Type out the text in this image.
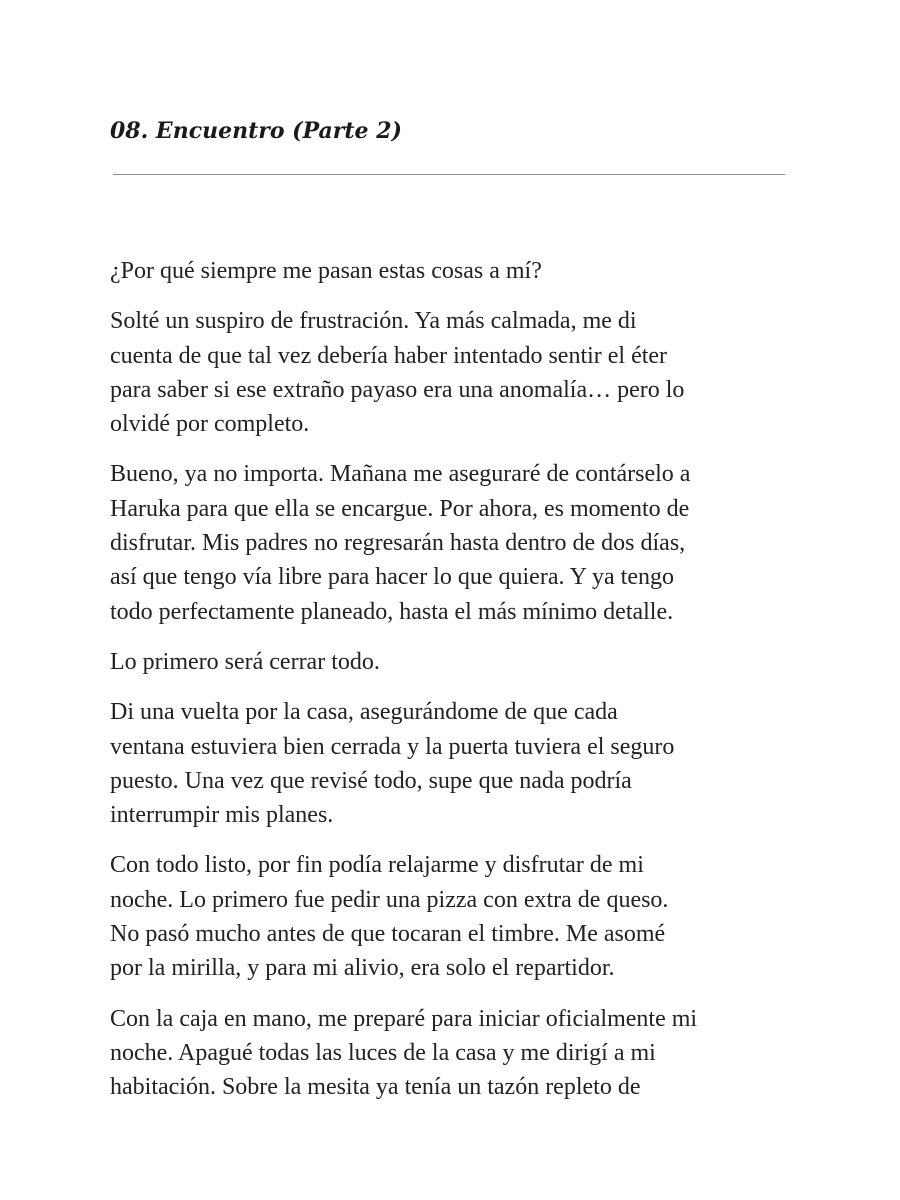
08. Encuentro (Parte 2)

¿Por qué siempre me pasan estas cosas a mí?

Solté un suspiro de frustración. Ya más calmada, me di
cuenta de que tal vez debería haber intentado sentir el éter
para saber si ese extraño payaso era una anomalía… pero lo
olvidé por completo.

Bueno, ya no importa. Mañana me aseguraré de contárselo a
Haruka para que ella se encargue. Por ahora, es momento de
disfrutar. Mis padres no regresarán hasta dentro de dos días,
así que tengo vía libre para hacer lo que quiera. Y ya tengo
todo perfectamente planeado, hasta el más mínimo detalle.

Lo primero será cerrar todo.

Di una vuelta por la casa, asegurándome de que cada
ventana estuviera bien cerrada y la puerta tuviera el seguro
puesto. Una vez que revisé todo, supe que nada podría
interrumpir mis planes.

Con todo listo, por fin podía relajarme y disfrutar de mi
noche. Lo primero fue pedir una pizza con extra de queso.
No pasó mucho antes de que tocaran el timbre. Me asomé
por la mirilla, y para mi alivio, era solo el repartidor.

Con la caja en mano, me preparé para iniciar oficialmente mi
noche. Apagué todas las luces de la casa y me dirigí a mi
habitación. Sobre la mesita ya tenía un tazón repleto de
